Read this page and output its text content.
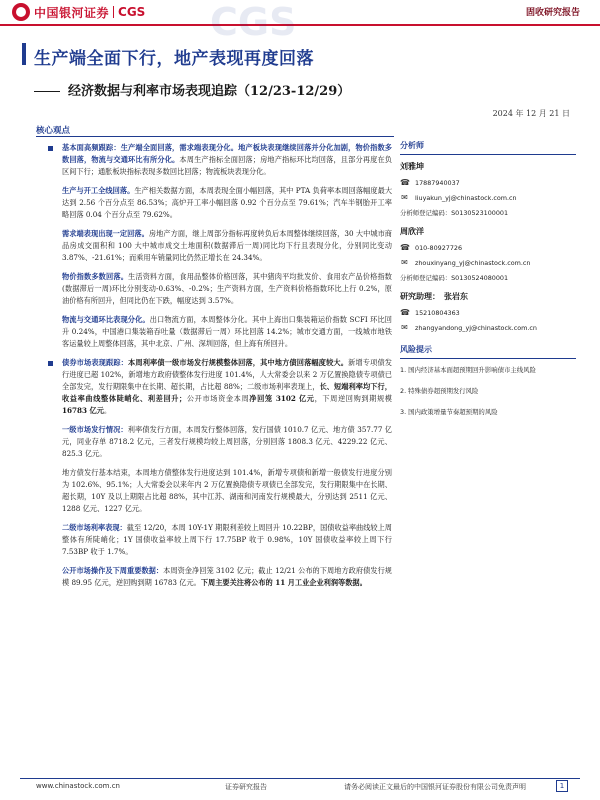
中国银河证券 CGS	固收研究报告
CGS
生产端全面下行，地产表现再度回落
经济数据与利率市场表现追踪（12/23-12/29）
2024 年 12 月 21 日
核心观点

基本面高频跟踪：生产端全面回落，需求端表现分化。地产板块表现继续回落并分化加剧，物价指数多数回落，物流与交通环比有所分化。本周生产指标全面回落；房地产指标环比均回落，且部分再度在负区间下行；通胀板块指标表现多数回比回落；物流板块表现分化。

生产与开工全线回落。生产相关数据方面，本周表现全面小幅回落，其中 PTA 负荷率本周回落幅度最大达到 2.56 个百分点至 86.53%；高炉开工率小幅回落 0.92 个百分点至 79.61%；汽车半钢胎开工率略回落 0.04 个百分点至 79.62%。

需求端表现出现一定回落。房地产方面，继上周部分指标再度转负后本周整体继续回落，30 大中城市商品房成交面积和 100 大中城市成交土地面积(数据滞后一周)同比均下行且表现分化，分别同比变动 3.87%、-21.61%；而乘用车销量同比仍然正增长在 24.34%。

物价指数多数回落。生活资料方面，食用品整体价格回落，其中猪肉平均批发价、食用农产品价格指数(数据滞后一周)环比分别变动-0.63%、-0.2%；生产资料方面，生产资料价格指数环比上行 0.2%，原油价格有所回升，但同比仍在下跌，幅度达到 3.57%。

物流与交通环比表现分化。出口物流方面，本周整体分化。其中上海出口集装箱运价指数 SCFI 环比回升 0.24%，中国港口集装箱吞吐量（数据滞后一周）环比回落 14.2%；城市交通方面，一线城市地铁客运量较上周整体回落，其中北京、广州、深圳回落，但上海有所回升。

债券市场表现跟踪：本周利率债一级市场发行规模整体回落，其中地方债回落幅度较大。新增专项债发行进度已超 102%，新增地方政府债整体发行进度 101.4%，人大常委会以来 2 万亿置换隐债专项债已全部发完，发行期限集中在长期、超长期，占比超 88%；二级市场利率表现上，长、短端利率均下行，收益率曲线整体陡峭化、利差回升；公开市场资金本周净回笼 3102 亿元，下周逆回购到期规模 16783 亿元。

一级市场发行情况：利率债发行方面，本周发行整体回落，发行国债 1010.7 亿元、地方债 357.77 亿元，同业存单 8718.2 亿元，三者发行规模均较上周回落，分别回落 1808.3 亿元、4229.22 亿元、825.3 亿元。

地方债发行基本结束，本周地方债整体发行进度达到 101.4%，新增专项债和新增一般债发行进度分别为 102.6%、95.1%；人大常委会以来年内 2 万亿置换隐债专项债已全部发完，发行期限集中在长期、超长期，10Y 及以上期限占比超 88%，其中江苏、湖南和河南发行规模最大，分别达到 2511 亿元、1288 亿元、1227 亿元。

二级市场利率表现：截至 12/20，本周 10Y-1Y 期限利差较上周回升 10.22BP，国债收益率曲线较上周整体有所陡峭化；1Y 国债收益率较上周下行 17.75BP 收于 0.98%，10Y 国债收益率较上周下行 7.53BP 收于 1.7%。

公开市场操作及下周重要数据：本周资金净回笼 3102 亿元；截止 12/21 公布的下周地方政府债发行规模 89.95 亿元，逆回购到期 16783 亿元。下周主要关注将公布的 11 月工业企业利润等数据。

分析师
刘雅坤
☎ 17887940037
✉ liuyakun_yj@chinastock.com.cn
分析师登记编码：S0130523100001
周欣洋
☎ 010-80927726
✉ zhouxinyang_yj@chinastock.com.cn
分析师登记编码：S0130524080001
研究助理： 张岩东
☎ 15210804363
✉ zhangyandong_yj@chinastock.com.cn
风险提示
1. 国内经济基本面超预期回升影响债市主线风险
2. 特殊债券超预期发行风险
3. 国内政策增量节奏超预期的风险
www.chinastock.com.cn	证券研究报告	请务必阅读正文最后的中国银河证券股份有限公司免责声明	1
